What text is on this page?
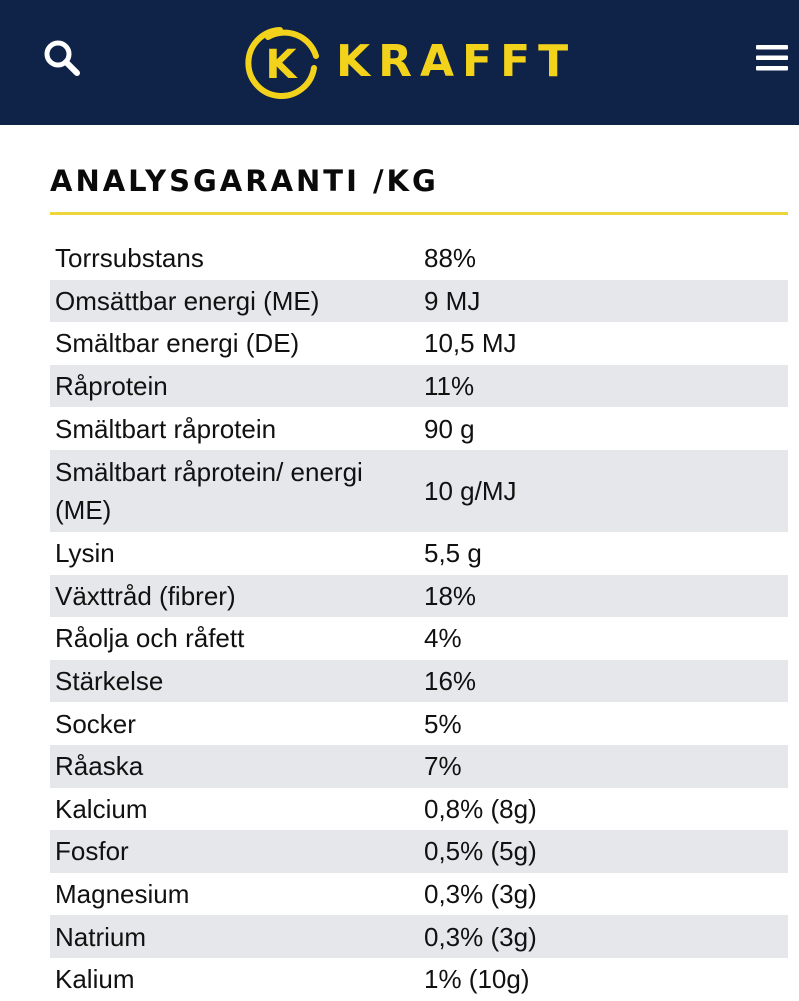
K KRAFFT
ANALYSGARANTI /KG
Torrsubstans	88%
Omsättbar energi (ME)	9 MJ
Smältbar energi (DE)	10,5 MJ
Råprotein	11%
Smältbart råprotein	90 g
Smältbart råprotein/ energi (ME)	10 g/MJ
Lysin	5,5 g
Växttråd (fibrer)	18%
Råolja och råfett	4%
Stärkelse	16%
Socker	5%
Råaska	7%
Kalcium	0,8% (8g)
Fosfor	0,5% (5g)
Magnesium	0,3% (3g)
Natrium	0,3% (3g)
Kalium	1% (10g)
